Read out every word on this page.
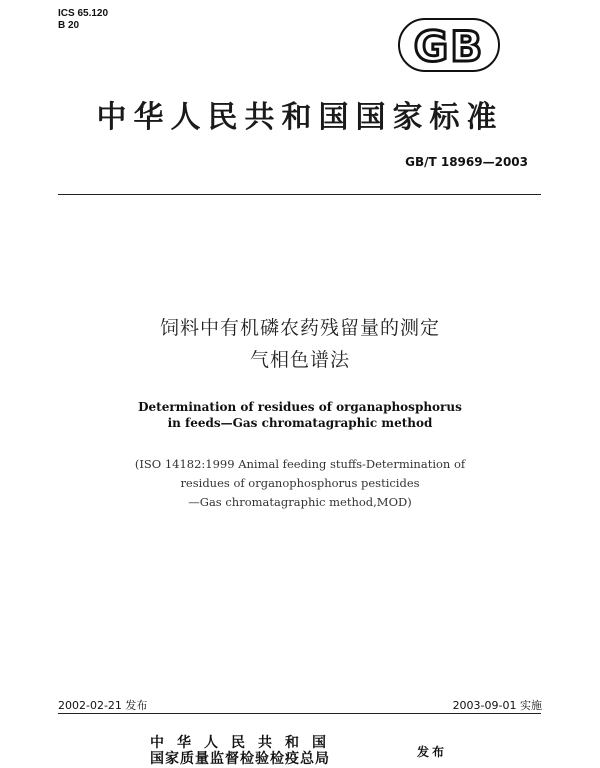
ICS 65.120
B 20	GB
中华人民共和国国家标准
GB/T 18969—2003
饲料中有机磷农药残留量的测定
气相色谱法
Determination of residues of organaphosphorus
in feeds—Gas chromatagraphic method
(ISO 14182:1999 Animal feeding stuffs-Determination of
residues of organophosphorus pesticides
—Gas chromatagraphic method,MOD)
2002-02-21 发布	2003-09-01 实施
中华人民共和国
国家质量监督检验检疫总局	发布
